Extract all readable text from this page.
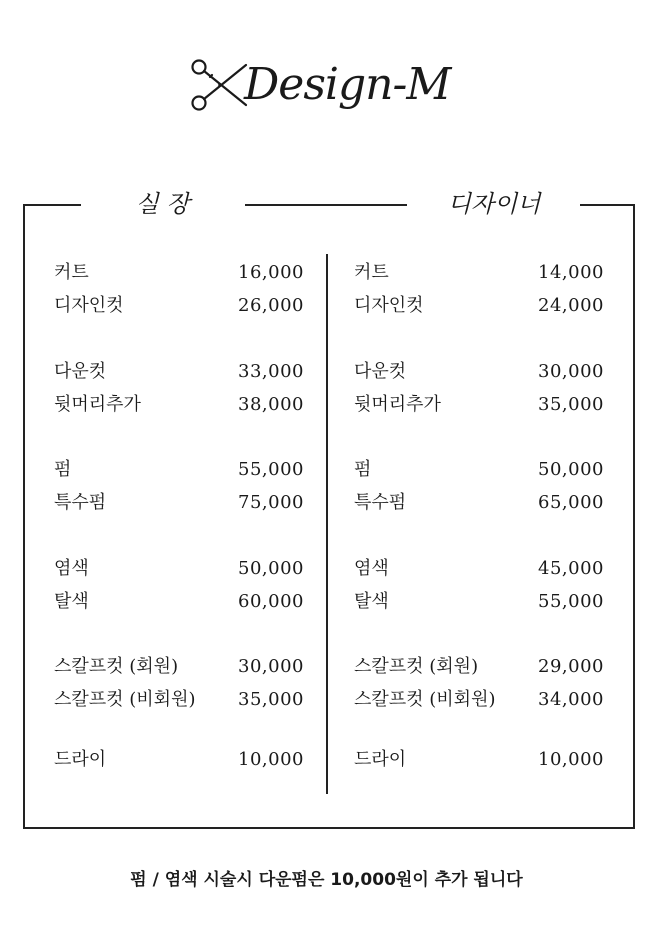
Design-M
실 장	디자이너
커트	16,000
디자인컷	26,000
다운컷	33,000
뒷머리추가	38,000
펌	55,000
특수펌	75,000
염색	50,000
탈색	60,000
스칼프컷 (회원)	30,000
스칼프컷 (비회원) 35,000
드라이	10,000
커트	14,000
디자인컷	24,000
다운컷	30,000
뒷머리추가	35,000
펌	50,000
특수펌	65,000
염색	45,000
탈색	55,000
스칼프컷 (회원)	29,000
스칼프컷 (비회원) 34,000
드라이	10,000
펌 / 염색 시술시 다운펌은 10,000원이 추가 됩니다
